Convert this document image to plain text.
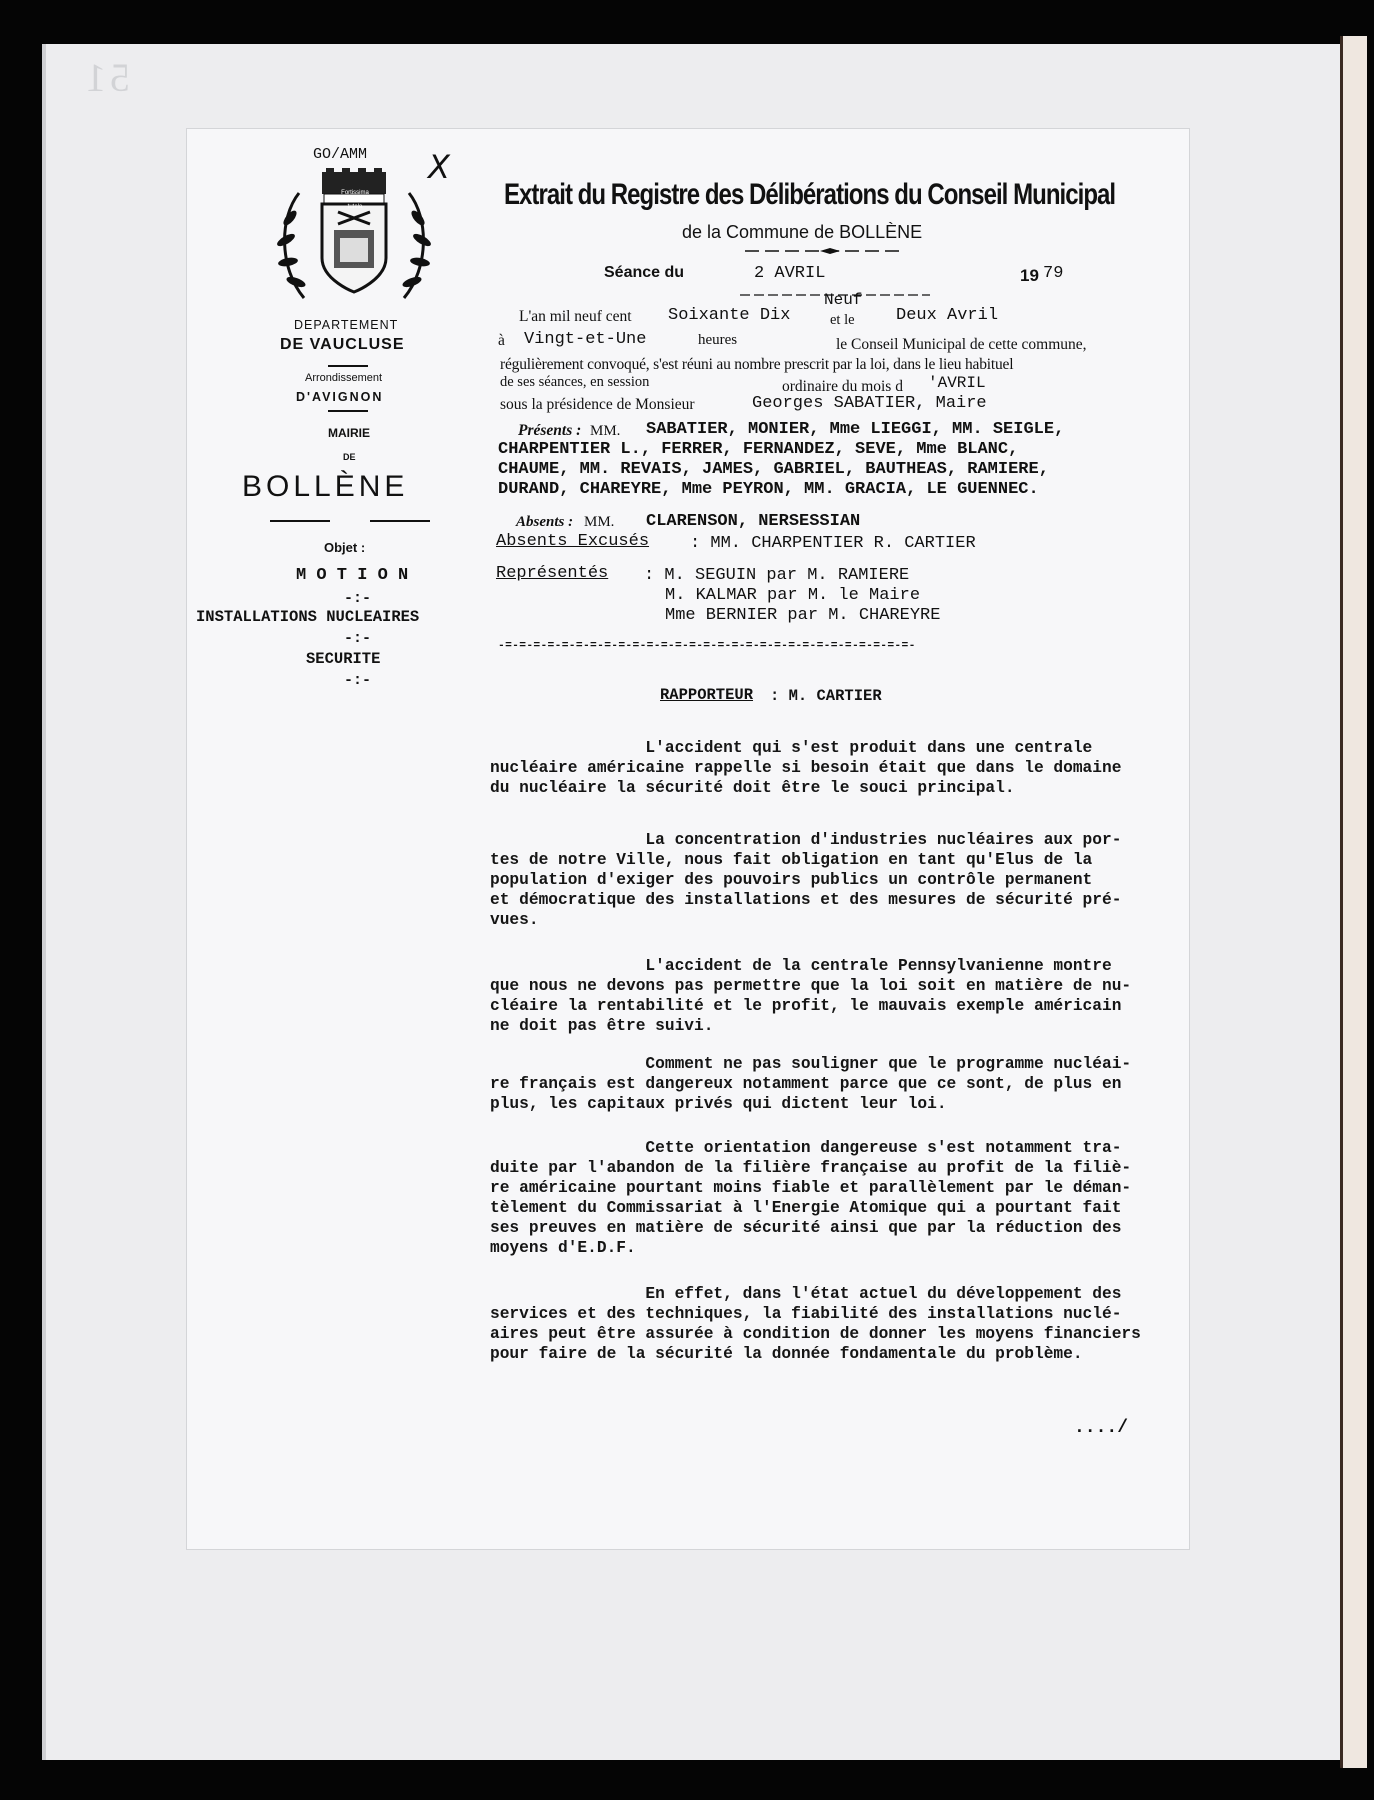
51
GO/AMM X
Fortissima
concordia
tutela
DEPARTEMENT
DE VAUCLUSE
Arrondissement
D'AVIGNON
MAIRIE
DE
BOLLÈNE
Objet :
M O T I O N
-:-
INSTALLATIONS NUCLEAIRES
-:-
SECURITE
-:-
Extrait du Registre des Délibérations du Conseil Municipal
de la Commune de BOLLÈNE
Séance du	2 AVRIL	19 79
Neuf
L'an mil neuf cent Soixante Dix	et le Deux Avril
à Vingt-et-Une	heures	le Conseil Municipal de cette commune,
régulièrement convoqué, s'est réuni au nombre prescrit par la loi, dans le lieu habituel
de ses séances, en session	ordinaire du mois d 'AVRIL
sous la présidence de Monsieur	Georges SABATIER, Maire
Présents : MM. SABATIER, MONIER, Mme LIEGGI, MM. SEIGLE,
CHARPENTIER L., FERRER, FERNANDEZ, SEVE, Mme BLANC,
CHAUME, MM. REVAIS, JAMES, GABRIEL, BAUTHEAS, RAMIERE,
DURAND, CHAREYRE, Mme PEYRON, MM. GRACIA, LE GUENNEC.
Absents : MM. CLARENSON, NERSESSIAN
Absents Excusés : MM. CHARPENTIER R. CARTIER
Représentés : M. SEGUIN par M. RAMIERE
M. KALMAR par M. le Maire
Mme BERNIER par M. CHAREYRE
-=-=-=-=-=-=-=-=-=-=-=-=-=-=-=-=-=-=-=-=-=-=-=-=-=-=-=-=-=-
RAPPORTEUR : M. CARTIER
L'accident qui s'est produit dans une centrale
nucléaire américaine rappelle si besoin était que dans le domaine
du nucléaire la sécurité doit être le souci principal.
La concentration d'industries nucléaires aux por-
tes de notre Ville, nous fait obligation en tant qu'Elus de la
population d'exiger des pouvoirs publics un contrôle permanent
et démocratique des installations et des mesures de sécurité pré-
vues.
L'accident de la centrale Pennsylvanienne montre
que nous ne devons pas permettre que la loi soit en matière de nu-
cléaire la rentabilité et le profit, le mauvais exemple américain
ne doit pas être suivi.
Comment ne pas souligner que le programme nucléai-
re français est dangereux notamment parce que ce sont, de plus en
plus, les capitaux privés qui dictent leur loi.
Cette orientation dangereuse s'est notamment tra-
duite par l'abandon de la filière française au profit de la filiè-
re américaine pourtant moins fiable et parallèlement par le déman-
tèlement du Commissariat à l'Energie Atomique qui a pourtant fait
ses preuves en matière de sécurité ainsi que par la réduction des
moyens d'E.D.F.
En effet, dans l'état actuel du développement des
services et des techniques, la fiabilité des installations nuclé-
aires peut être assurée à condition de donner les moyens financiers
pour faire de la sécurité la donnée fondamentale du problème.
..../
